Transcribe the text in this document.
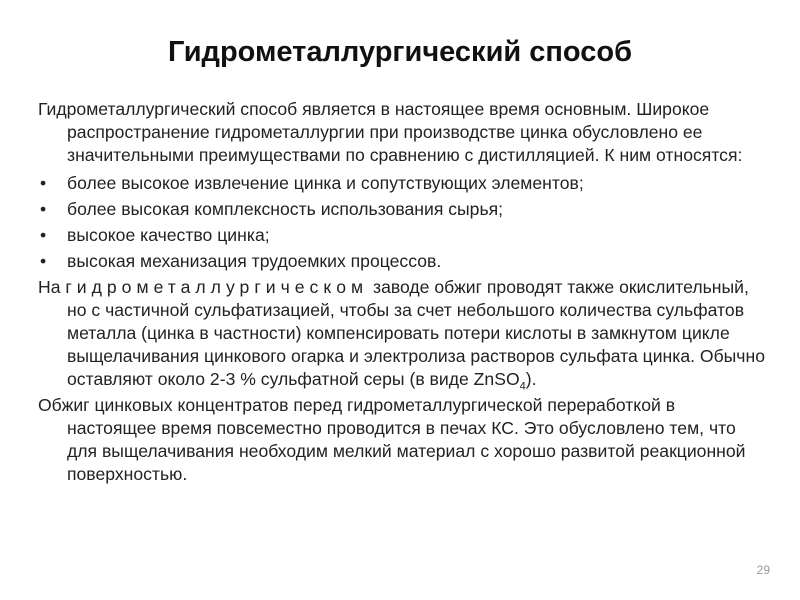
Гидрометаллургический способ

Гидрометаллургический способ является в настоящее время основным. Широкое распространение гидрометаллургии при производстве цинка обусловлено ее значительными преимуществами по сравнению с дистилляцией. К ним относятся:

• более высокое извлечение цинка и сопутствующих элементов;
• более высокая комплексность использования сырья;
• высокое качество цинка;
• высокая механизация трудоемких процессов.

На гидрометаллургическом заводе обжиг проводят также окислительный, но с частичной сульфатизацией, чтобы за счет небольшого количества сульфатов металла (цинка в частности) компенсировать потери кислоты в замкнутом цикле выщелачивания цинкового огарка и электролиза растворов сульфата цинка. Обычно оставляют около 2-3 % сульфатной серы (в виде ZnSO$_4$).

Обжиг цинковых концентратов перед гидрометаллургической переработкой в настоящее время повсеместно проводится в печах КС. Это обусловлено тем, что для выщелачивания необходим мелкий материал с хорошо развитой реакционной поверхностью.

29
